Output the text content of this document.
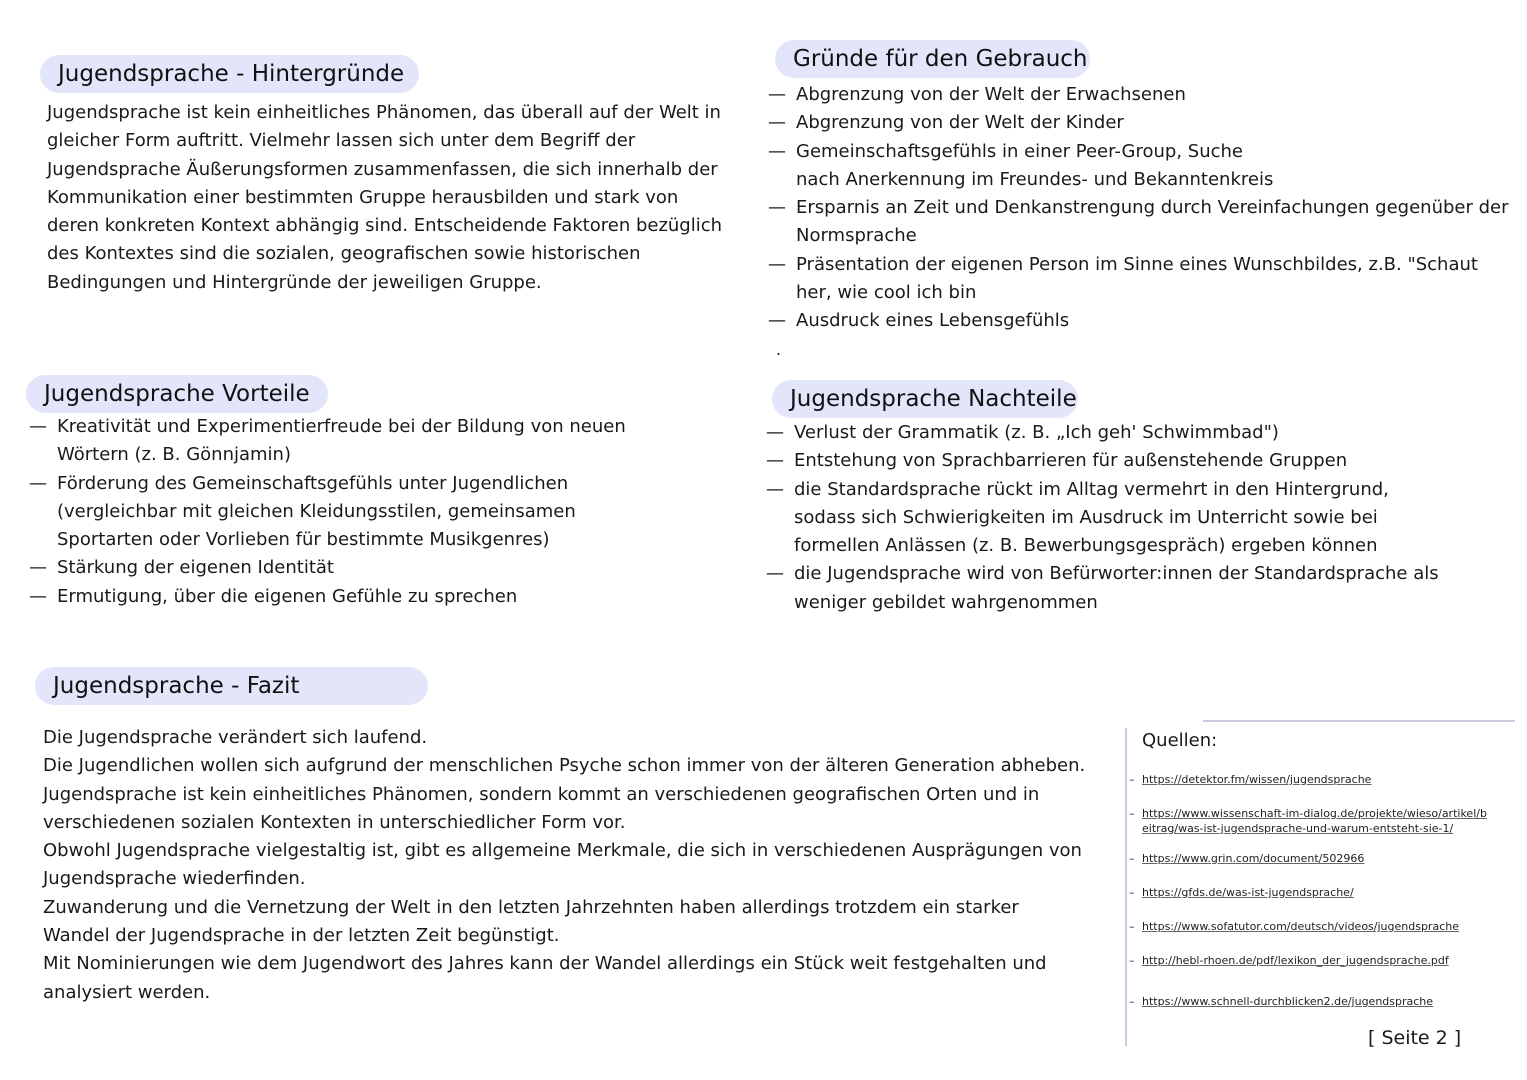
Jugendsprache - Hintergründe

Jugendsprache ist kein einheitliches Phänomen, das überall auf der Welt in gleicher Form auftritt. Vielmehr lassen sich unter dem Begriff der Jugendsprache Äußerungsformen zusammenfassen, die sich innerhalb der Kommunikation einer bestimmten Gruppe herausbilden und stark von deren konkreten Kontext abhängig sind. Entscheidende Faktoren bezüglich des Kontextes sind die sozialen, geografischen sowie historischen Bedingungen und Hintergründe der jeweiligen Gruppe.

Gründe für den Gebrauch
— Abgrenzung von der Welt der Erwachsenen
— Abgrenzung von der Welt der Kinder
— Gemeinschaftsgefühls in einer Peer-Group, Suche nach Anerkennung im Freundes- und Bekanntenkreis
— Ersparnis an Zeit und Denkanstrengung durch Vereinfachungen gegenüber der Normsprache
— Präsentation der eigenen Person im Sinne eines Wunschbildes, z.B. "Schaut her, wie cool ich bin
— Ausdruck eines Lebensgefühls
.
Jugendsprache Vorteile
— Kreativität und Experimentierfreude bei der Bildung von neuen Wörtern (z. B. Gönnjamin)
— Förderung des Gemeinschaftsgefühls unter Jugendlichen (vergleichbar mit gleichen Kleidungsstilen, gemeinsamen Sportarten oder Vorlieben für bestimmte Musikgenres)
— Stärkung der eigenen Identität
— Ermutigung, über die eigenen Gefühle zu sprechen
Jugendsprache Nachteile
— Verlust der Grammatik (z. B. „Ich geh' Schwimmbad")
— Entstehung von Sprachbarrieren für außenstehende Gruppen
— die Standardsprache rückt im Alltag vermehrt in den Hintergrund, sodass sich Schwierigkeiten im Ausdruck im Unterricht sowie bei formellen Anlässen (z. B. Bewerbungsgespräch) ergeben können
— die Jugendsprache wird von Befürworter:innen der Standardsprache als weniger gebildet wahrgenommen
Jugendsprache - Fazit

Die Jugendsprache verändert sich laufend.

Die Jugendlichen wollen sich aufgrund der menschlichen Psyche schon immer von der älteren Generation abheben.

Jugendsprache ist kein einheitliches Phänomen, sondern kommt an verschiedenen geografischen Orten und in verschiedenen sozialen Kontexten in unterschiedlicher Form vor.

Obwohl Jugendsprache vielgestaltig ist, gibt es allgemeine Merkmale, die sich in verschiedenen Ausprägungen von Jugendsprache wiederfinden.

Zuwanderung und die Vernetzung der Welt in den letzten Jahrzehnten haben allerdings trotzdem ein starker Wandel der Jugendsprache in der letzten Zeit begünstigt.

Mit Nominierungen wie dem Jugendwort des Jahres kann der Wandel allerdings ein Stück weit festgehalten und analysiert werden.

Quellen:
– https://detektor.fm/wissen/jugendsprache
– https://www.wissenschaft-im-dialog.de/projekte/wieso/artikel/beitrag/was-ist-jugendsprache-und-warum-entsteht-sie-1/
– https://www.grin.com/document/502966
– https://gfds.de/was-ist-jugendsprache/
– https://www.sofatutor.com/deutsch/videos/jugendsprache
– http://hebl-rhoen.de/pdf/lexikon_der_jugendsprache.pdf
– https://www.schnell-durchblicken2.de/jugendsprache
[ Seite 2 ]
